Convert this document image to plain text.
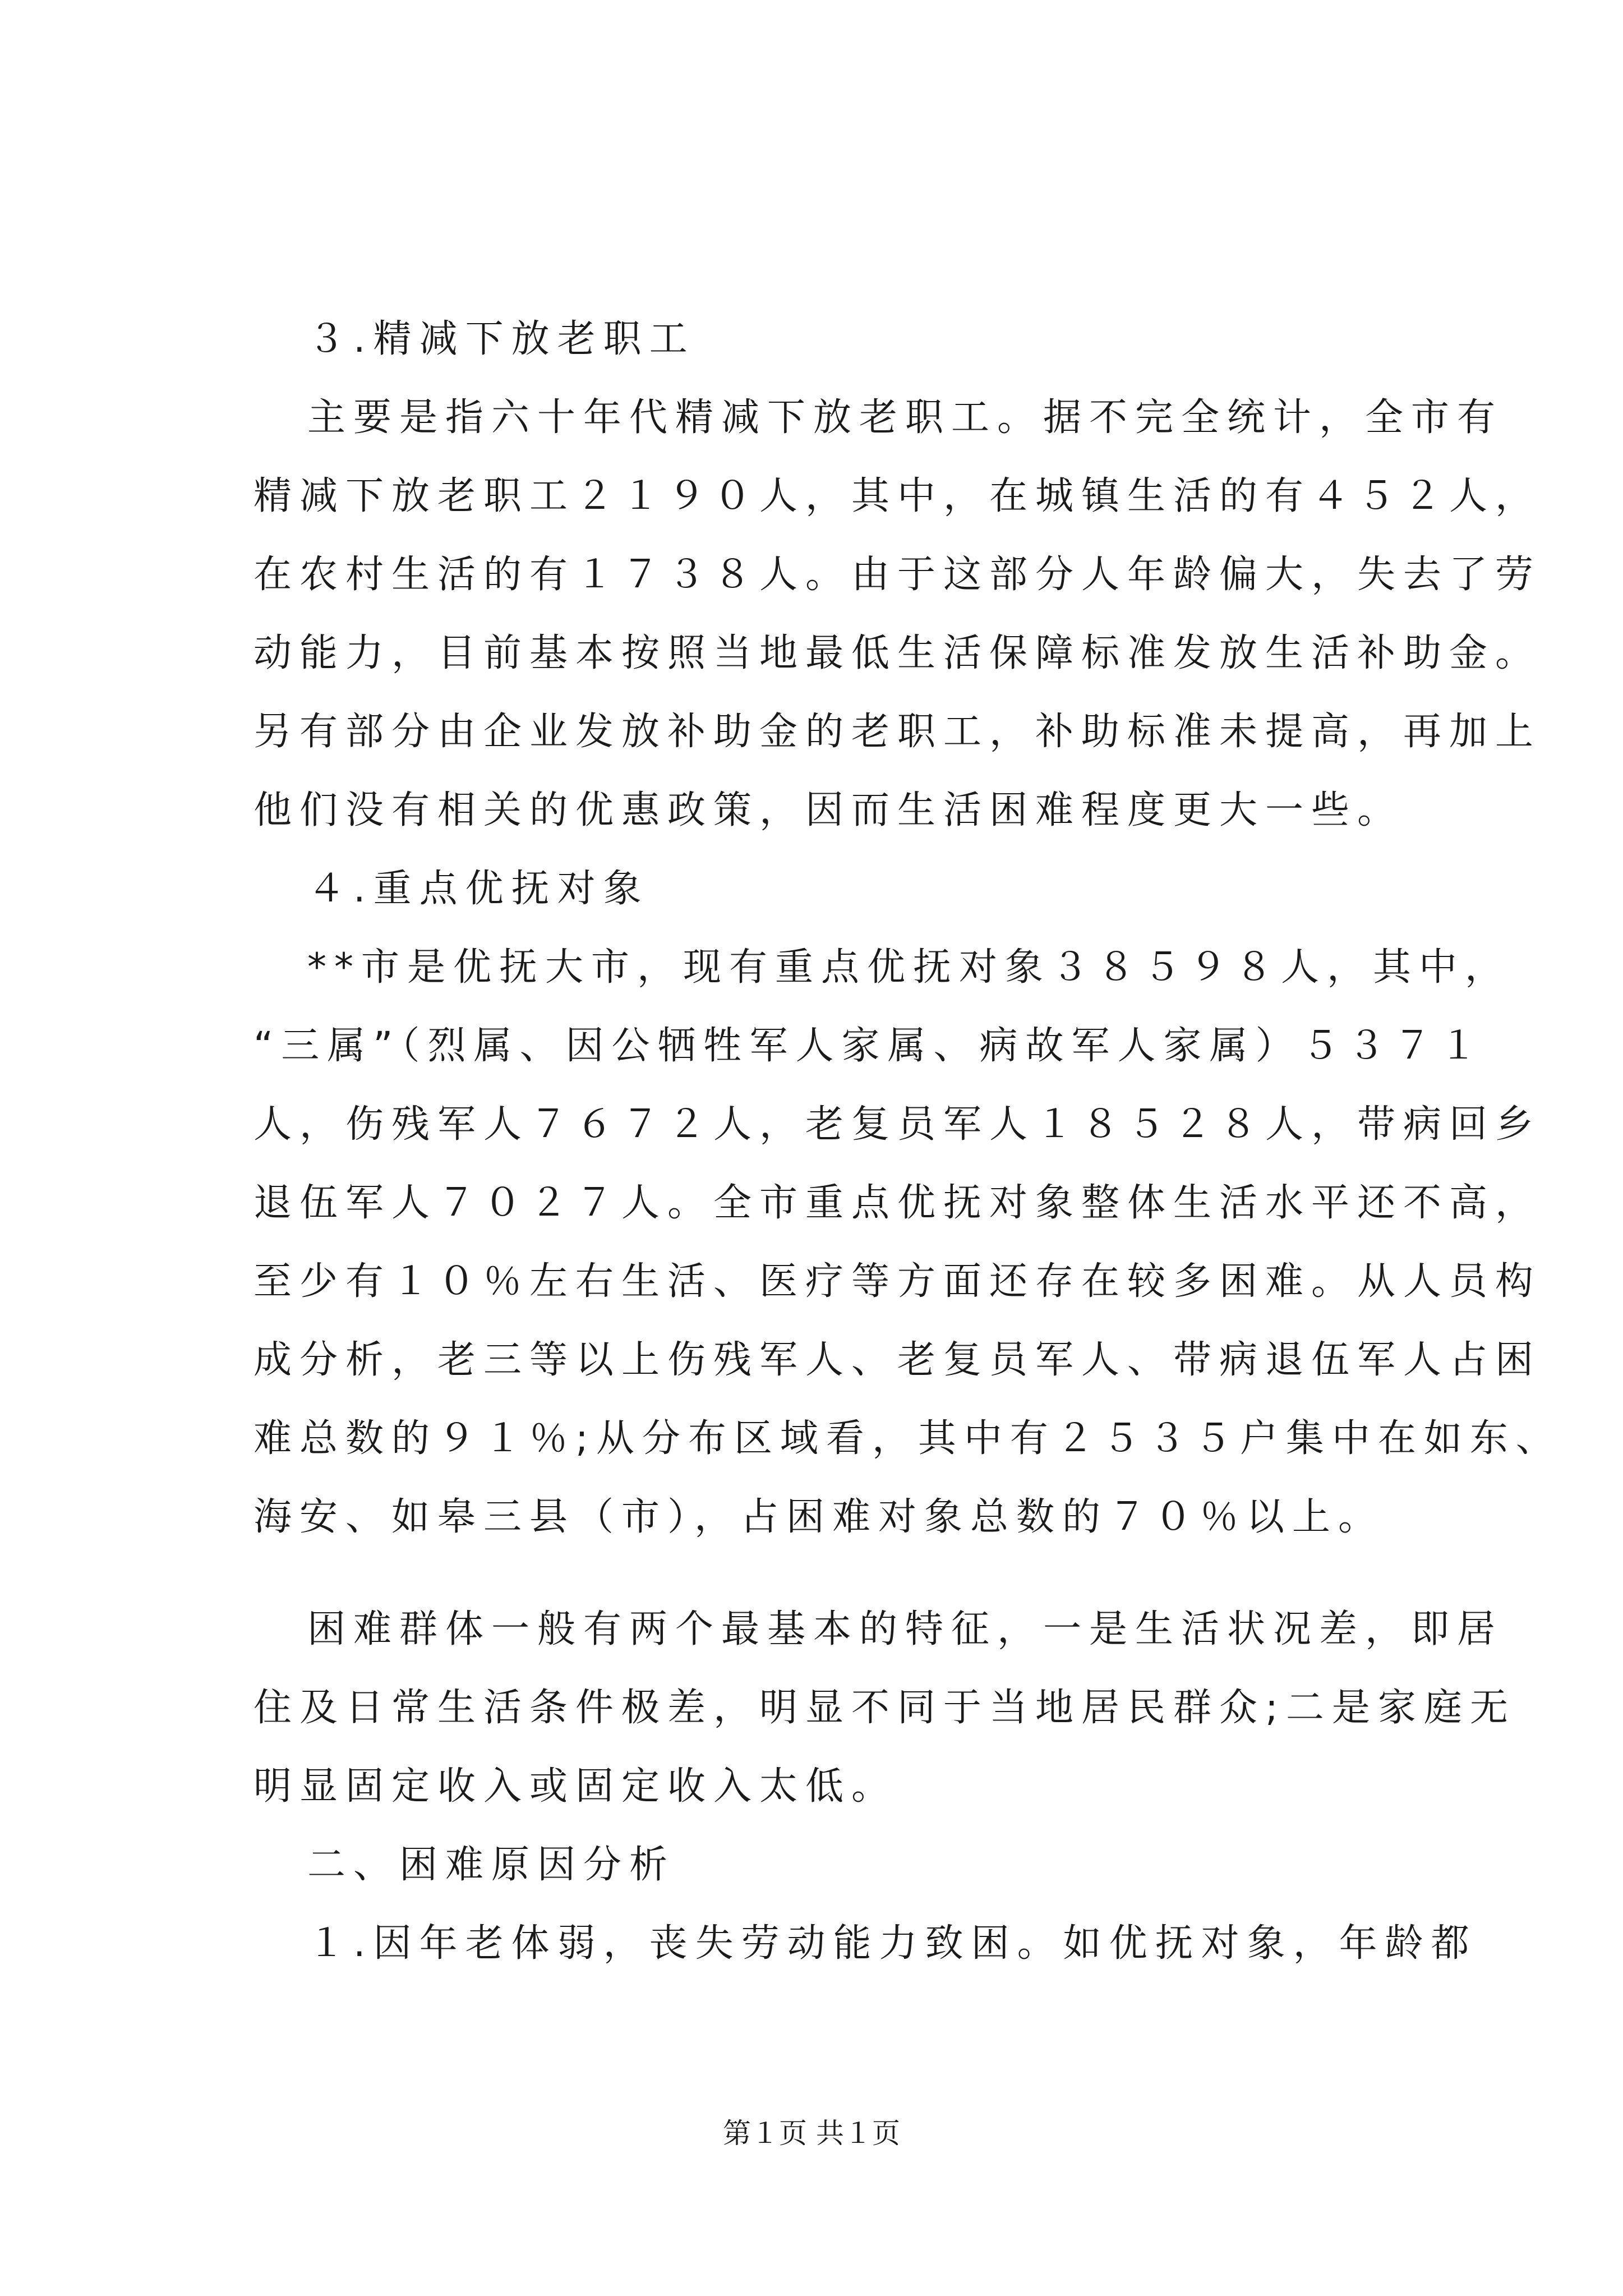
３.精减下放老职工
主要是指六十年代精减下放老职工。据不完全统计，全市有
精减下放老职工２１９０人，其中，在城镇生活的有４５２人，
在农村生活的有１７３８人。由于这部分人年龄偏大，失去了劳
动能力，目前基本按照当地最低生活保障标准发放生活补助金。
另有部分由企业发放补助金的老职工，补助标准未提高，再加上
他们没有相关的优惠政策，因而生活困难程度更大一些。
４.重点优抚对象
**市是优抚大市，现有重点优抚对象３８５９８人，其中，
“三属”（烈属、因公牺牲军人家属、病故军人家属）５３７１
人，伤残军人７６７２人，老复员军人１８５２８人，带病回乡
退伍军人７０２７人。全市重点优抚对象整体生活水平还不高，
至少有１０％左右生活、医疗等方面还存在较多困难。从人员构
成分析，老三等以上伤残军人、老复员军人、带病退伍军人占困
难总数的９１％;从分布区域看，其中有２５３５户集中在如东、
海安、如皋三县（市），占困难对象总数的７０％以上。
困难群体一般有两个最基本的特征，一是生活状况差，即居
住及日常生活条件极差，明显不同于当地居民群众;二是家庭无
明显固定收入或固定收入太低。
二、困难原因分析
１.因年老体弱，丧失劳动能力致困。如优抚对象，年龄都
第１页 共１页
